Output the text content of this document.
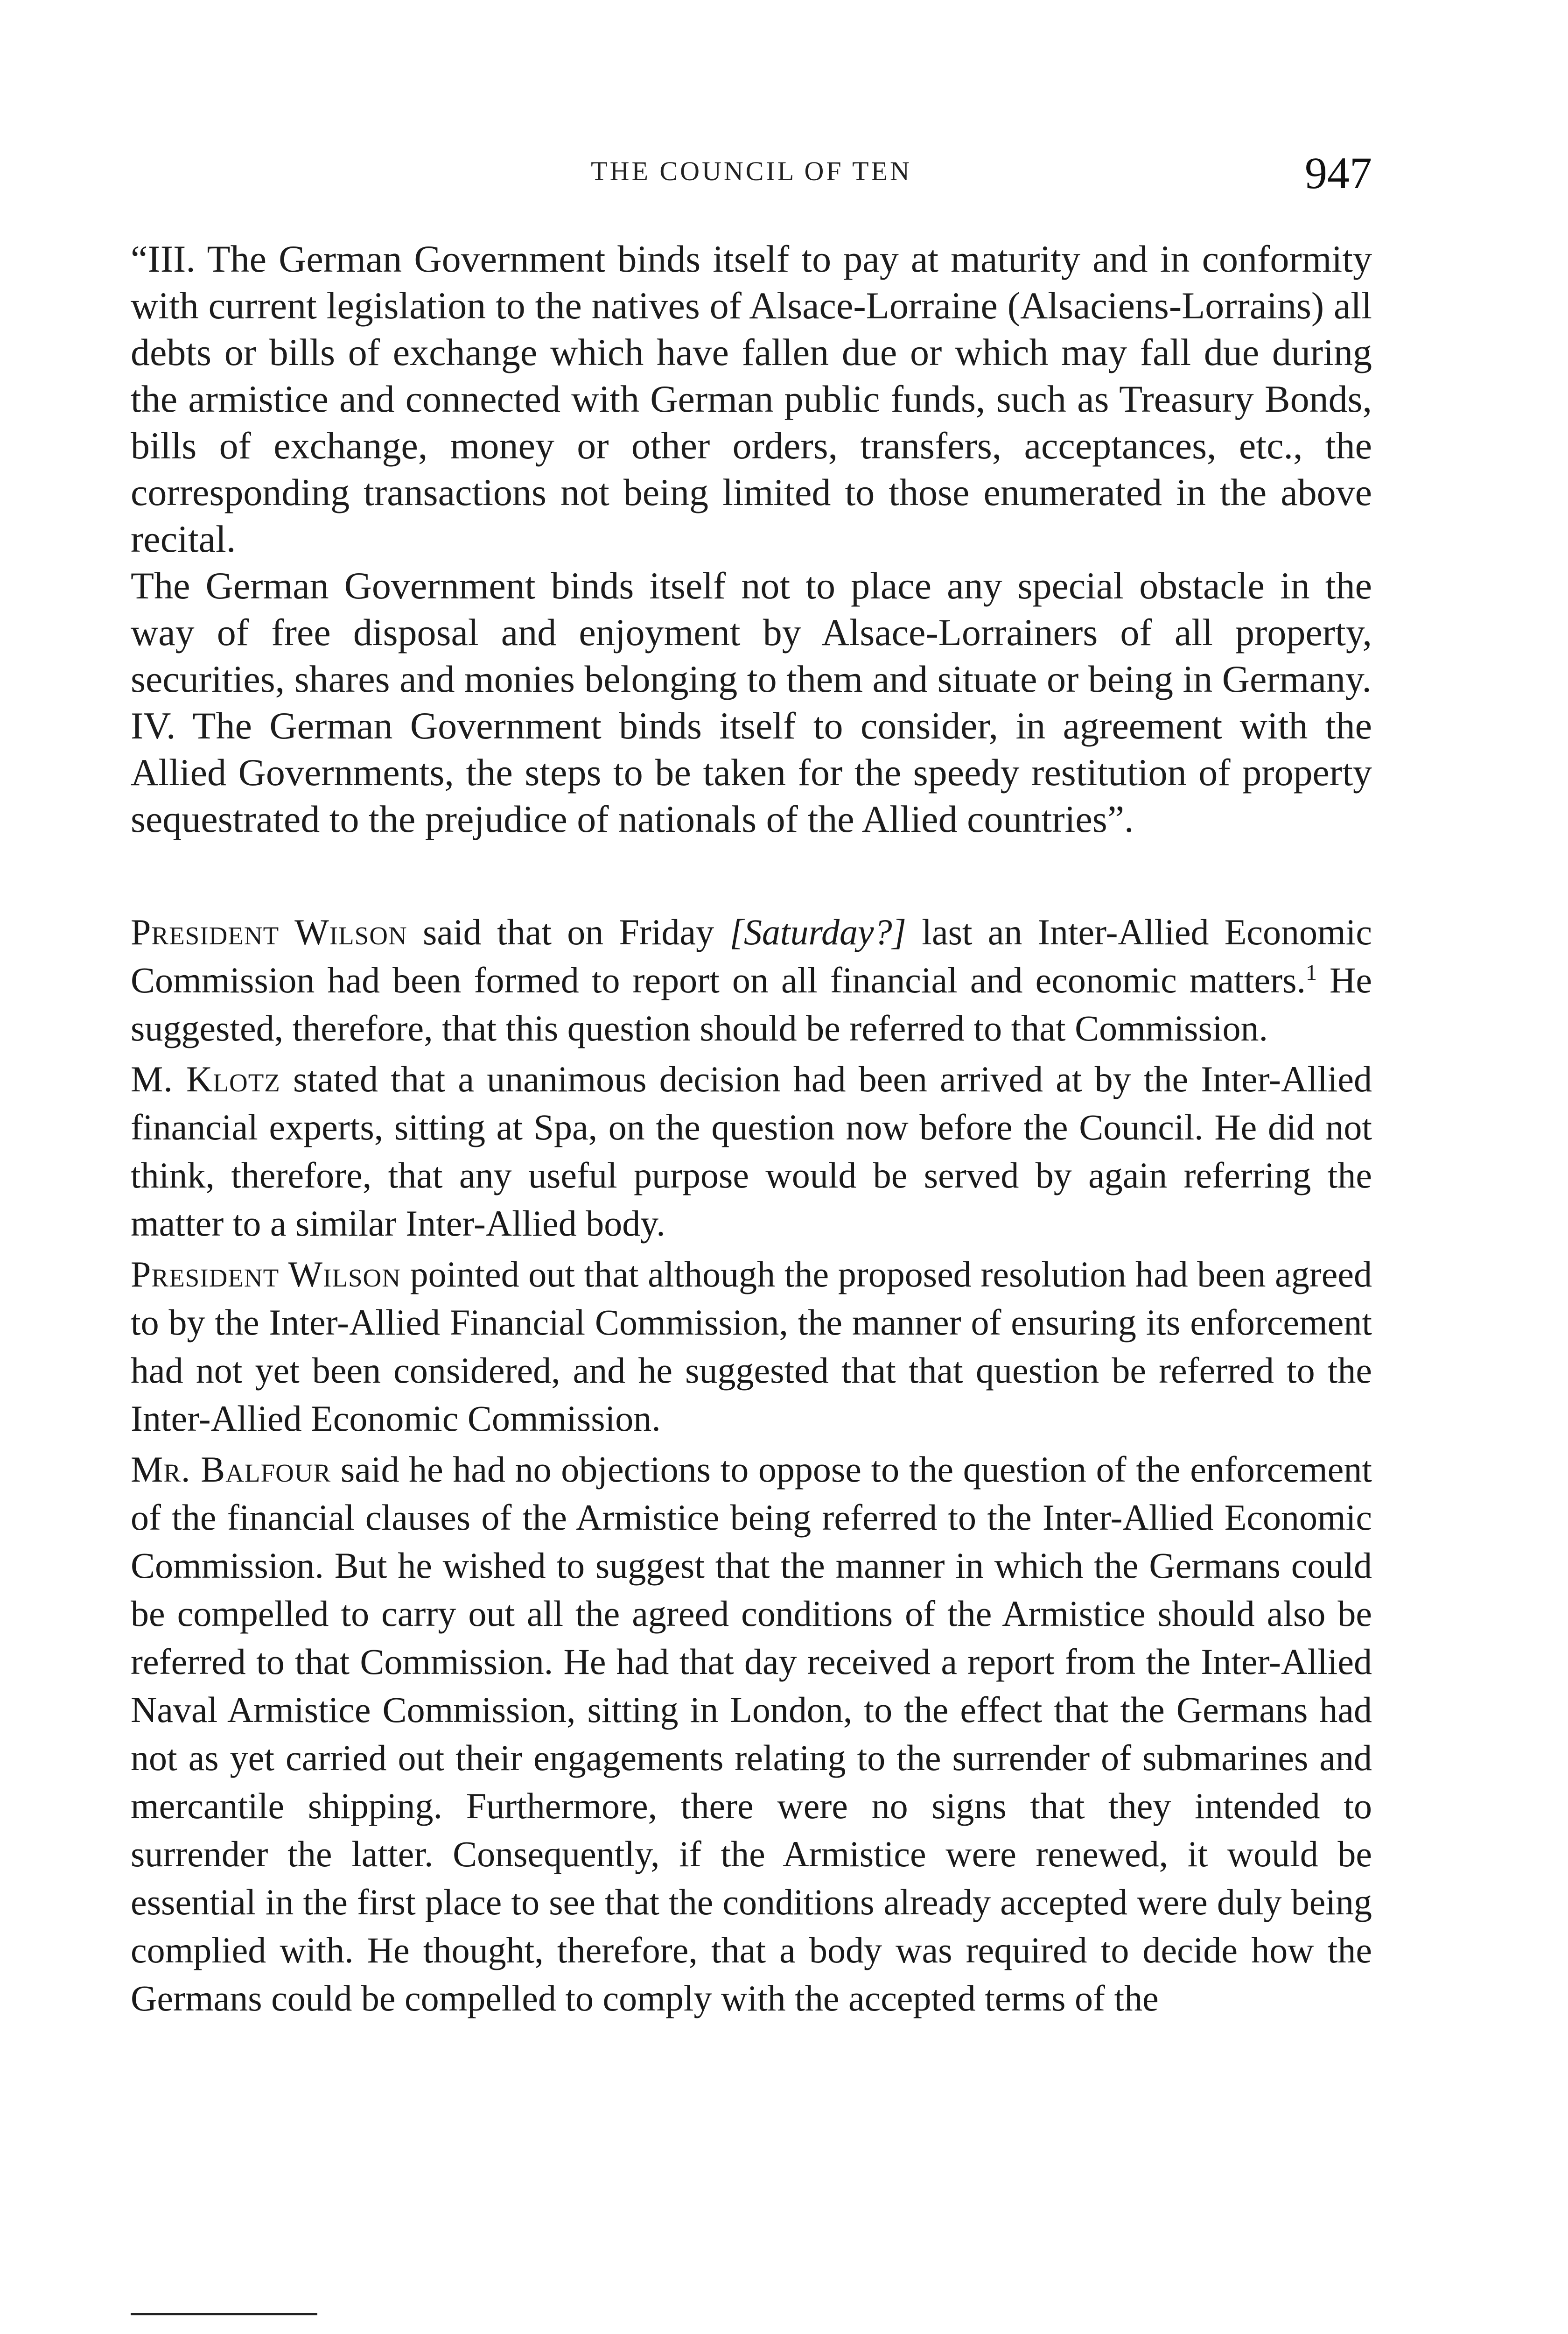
THE COUNCIL OF TEN	947

“III. The German Government binds itself to pay at maturity and in conformity with current legislation to the natives of Alsace-Lorraine (Alsaciens-Lorrains) all debts or bills of exchange which have fallen due or which may fall due during the armistice and connected with German public funds, such as Treasury Bonds, bills of exchange, money or other orders, transfers, acceptances, etc., the corresponding transactions not being limited to those enumerated in the above recital.

The German Government binds itself not to place any special obstacle in the way of free disposal and enjoyment by Alsace-Lorrainers of all property, securities, shares and monies belonging to them and situate or being in Germany.

IV. The German Government binds itself to consider, in agreement with the Allied Governments, the steps to be taken for the speedy restitution of property sequestrated to the prejudice of nationals of the Allied countries”.

President Wilson said that on Friday [Saturday?] last an Inter-Allied Economic Commission had been formed to report on all financial and economic matters.$^1$ He suggested, therefore, that this question should be referred to that Commission.

M. Klotz stated that a unanimous decision had been arrived at by the Inter-Allied financial experts, sitting at Spa, on the question now before the Council. He did not think, therefore, that any useful purpose would be served by again referring the matter to a similar Inter-Allied body.

President Wilson pointed out that although the proposed resolution had been agreed to by the Inter-Allied Financial Commission, the manner of ensuring its enforcement had not yet been considered, and he suggested that that question be referred to the Inter-Allied Economic Commission.

Mr. Balfour said he had no objections to oppose to the question of the enforcement of the financial clauses of the Armistice being referred to the Inter-Allied Economic Commission. But he wished to suggest that the manner in which the Germans could be compelled to carry out all the agreed conditions of the Armistice should also be referred to that Commission. He had that day received a report from the Inter-Allied Naval Armistice Commission, sitting in London, to the effect that the Germans had not as yet carried out their engagements relating to the surrender of submarines and mercantile shipping. Furthermore, there were no signs that they intended to surrender the latter. Consequently, if the Armistice were renewed, it would be essential in the first place to see that the conditions already accepted were duly being complied with. He thought, therefore, that a body was required to decide how the Germans could be compelled to comply with the accepted terms of the
